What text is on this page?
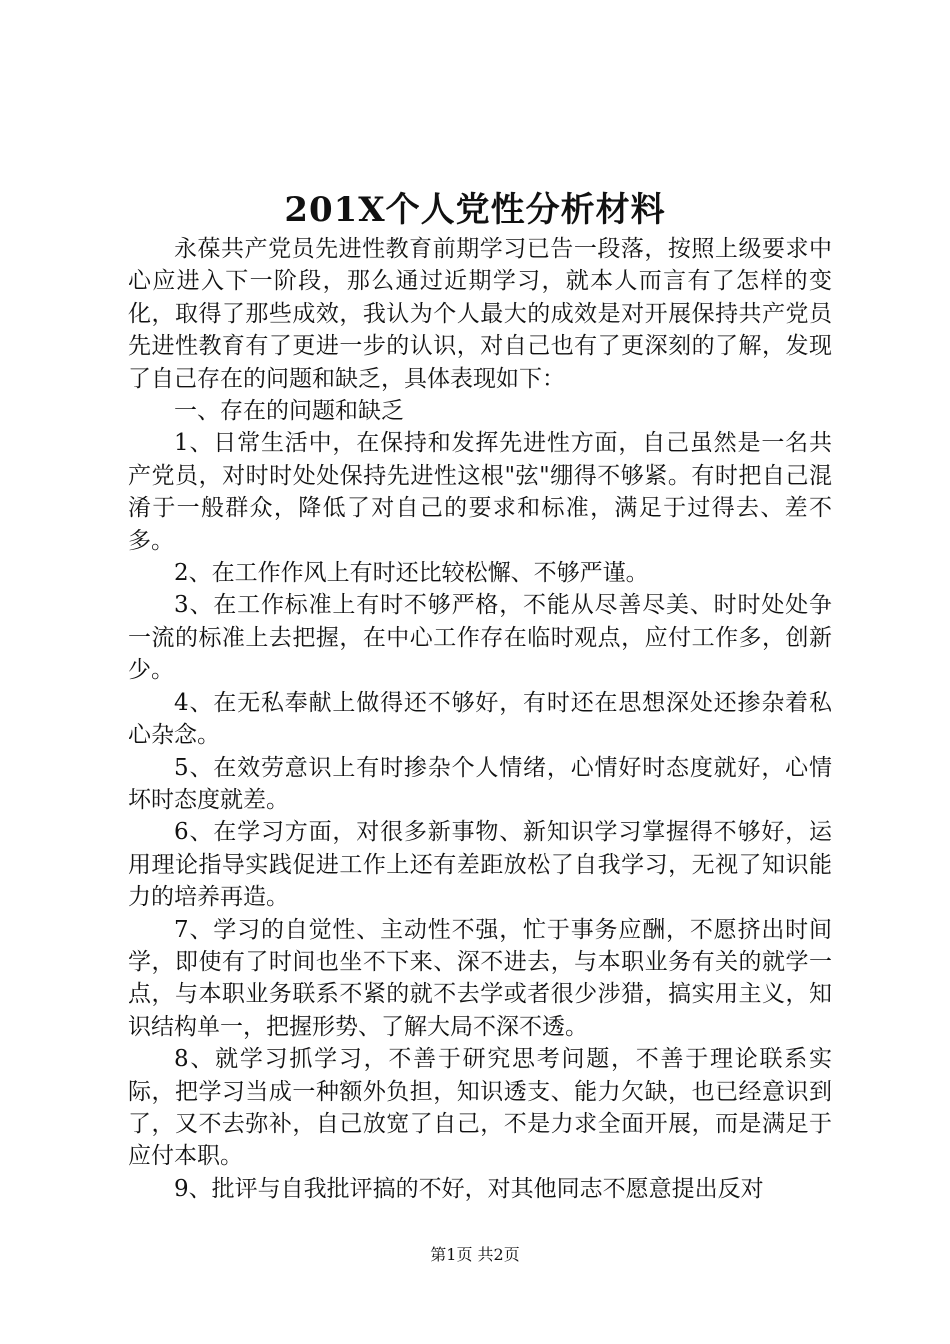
201X个人党性分析材料

永葆共产党员先进性教育前期学习已告一段落，按照上级要求中心应进入下一阶段，那么通过近期学习，就本人而言有了怎样的变化，取得了那些成效，我认为个人最大的成效是对开展保持共产党员先进性教育有了更进一步的认识，对自己也有了更深刻的了解，发现了自己存在的问题和缺乏，具体表现如下：

一、存在的问题和缺乏

1、日常生活中，在保持和发挥先进性方面，自己虽然是一名共产党员，对时时处处保持先进性这根"弦"绷得不够紧。有时把自己混淆于一般群众，降低了对自己的要求和标准，满足于过得去、差不多。

2、在工作作风上有时还比较松懈、不够严谨。

3、在工作标准上有时不够严格，不能从尽善尽美、时时处处争一流的标准上去把握，在中心工作存在临时观点，应付工作多，创新少。

4、在无私奉献上做得还不够好，有时还在思想深处还掺杂着私心杂念。

5、在效劳意识上有时掺杂个人情绪，心情好时态度就好，心情坏时态度就差。

6、在学习方面，对很多新事物、新知识学习掌握得不够好，运用理论指导实践促进工作上还有差距放松了自我学习，无视了知识能力的培养再造。

7、学习的自觉性、主动性不强，忙于事务应酬，不愿挤出时间学，即使有了时间也坐不下来、深不进去，与本职业务有关的就学一点，与本职业务联系不紧的就不去学或者很少涉猎，搞实用主义，知识结构单一，把握形势、了解大局不深不透。

8、就学习抓学习，不善于研究思考问题，不善于理论联系实际，把学习当成一种额外负担，知识透支、能力欠缺，也已经意识到了，又不去弥补，自己放宽了自己，不是力求全面开展，而是满足于应付本职。

9、批评与自我批评搞的不好，对其他同志不愿意提出反对

第1页 共2页
